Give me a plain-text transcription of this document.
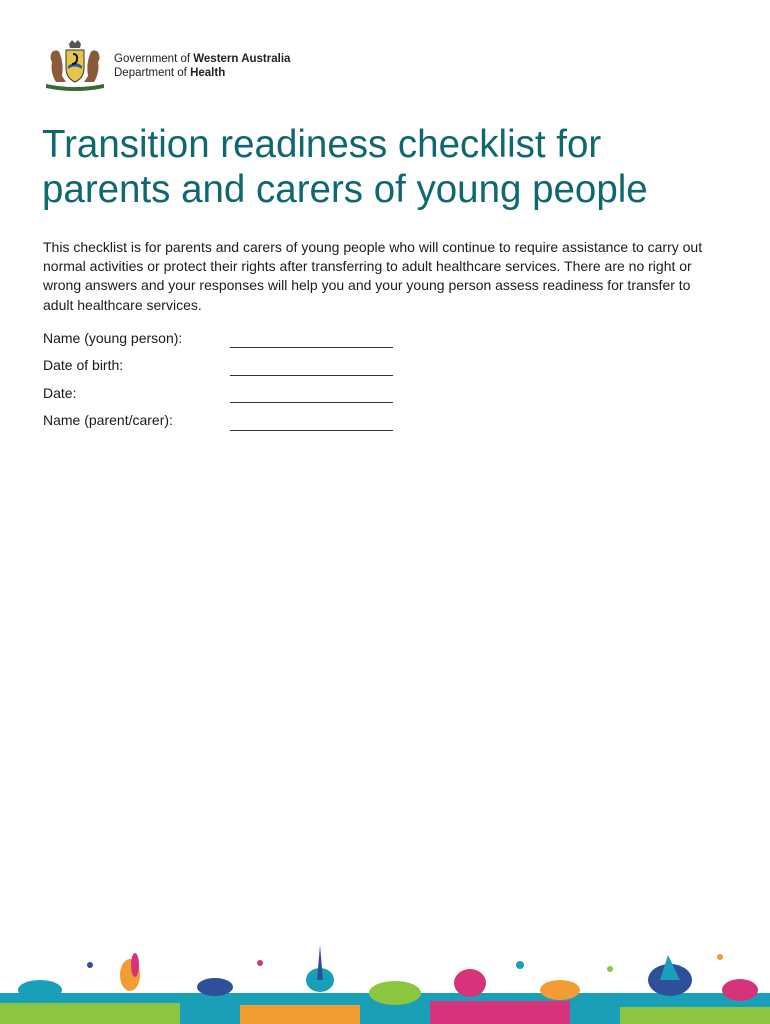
Government of Western Australia
Department of Health
Transition readiness checklist for
parents and carers of young people

This checklist is for parents and carers of young people who will continue to require assistance to carry out normal activities or protect their rights after transferring to adult healthcare services. There are no right or wrong answers and your responses will help you and your young person assess readiness for transfer to adult healthcare services.

Name (young person):
Date of birth:
Date:
Name (parent/carer):
